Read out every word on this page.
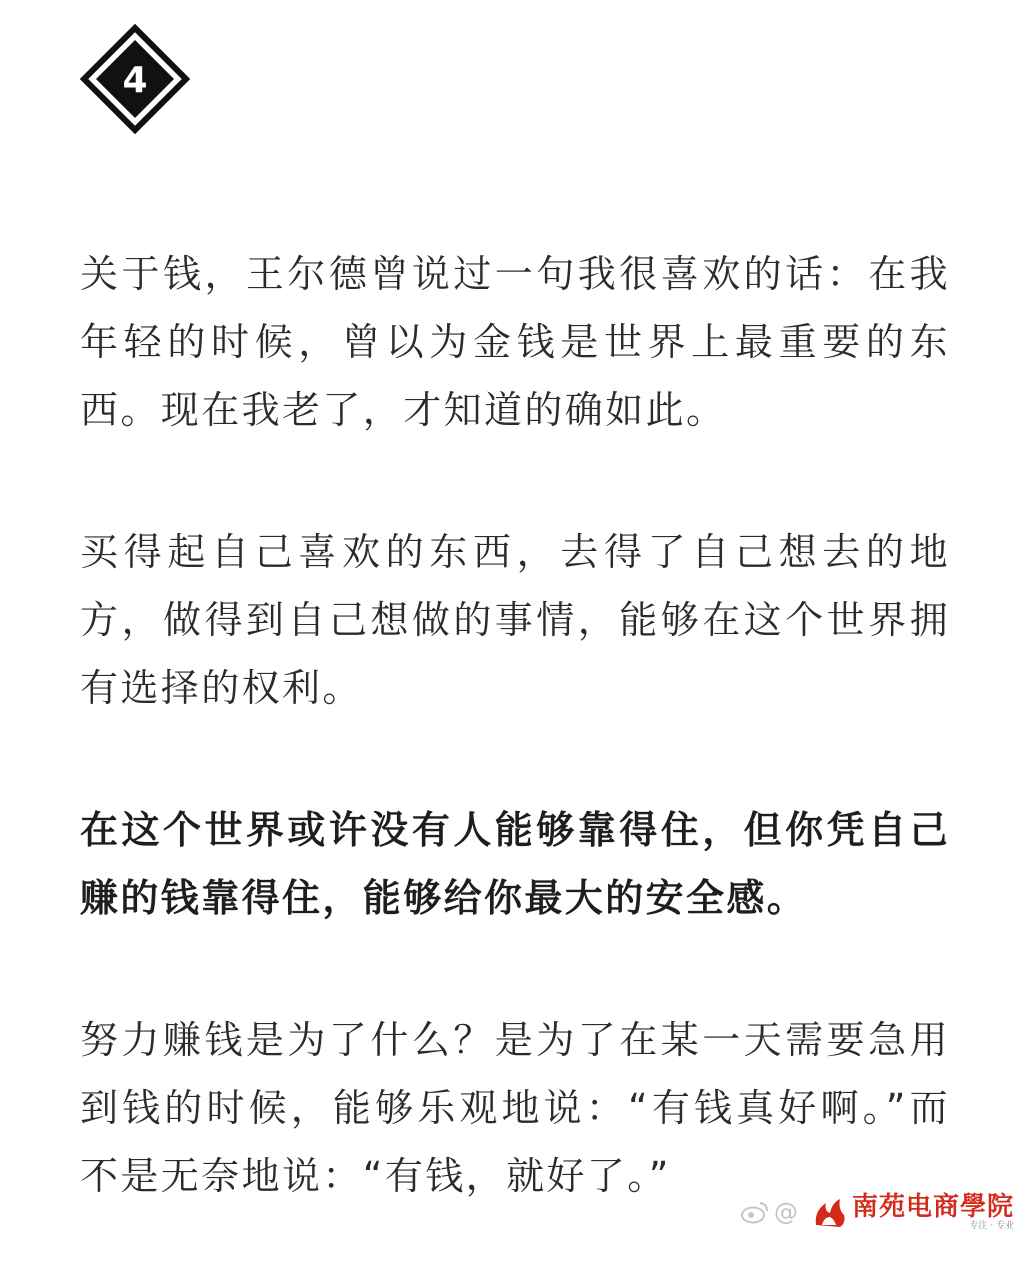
4

关于钱，王尔德曾说过一句我很喜欢的话：在我年轻的时候，曾以为金钱是世界上最重要的东西。现在我老了，才知道的确如此。

买得起自己喜欢的东西，去得了自己想去的地方，做得到自己想做的事情，能够在这个世界拥有选择的权利。

在这个世界或许没有人能够靠得住，但你凭自己赚的钱靠得住，能够给你最大的安全感。

努力赚钱是为了什么？是为了在某一天需要急用到钱的时候，能够乐观地说：“有钱真好啊。”而不是无奈地说：“有钱，就好了。”

@ 南苑电商學院
专注 · 专业
